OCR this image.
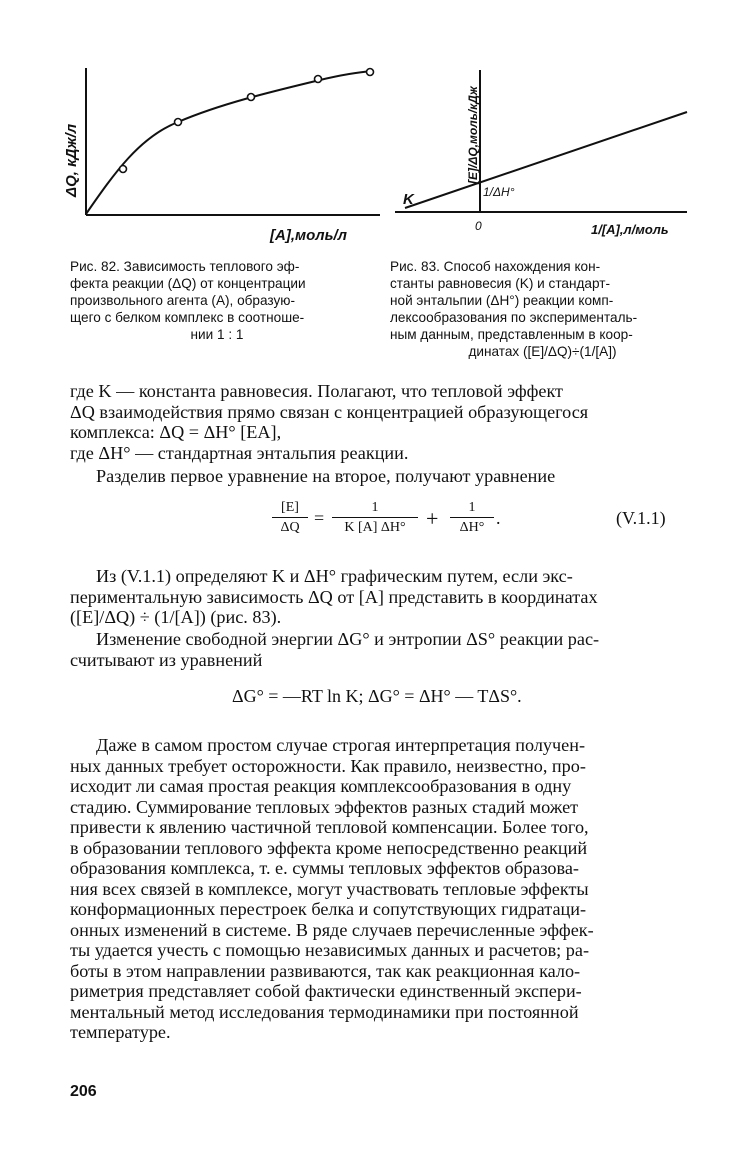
ΔQ, кДж/л
[A],моль/л
Рис. 82. Зависимость теплового эф-
фекта реакции (ΔQ) от концентрации
произвольного агента (A), образую-
щего с белком комплекс в соотноше-
нии 1 : 1
[E]/ΔQ,моль/кДж
K	1/ΔH°
0	1/[A],л/моль
Рис. 83. Способ нахождения кон-
станты равновесия (K) и стандарт-
ной энтальпии (ΔH°) реакции комп-
лексообразования по эксперименталь-
ным данным, представленным в коор-
динатах ([E]/ΔQ)÷(1/[A])
где K — константа равновесия. Полагают, что тепловой эффект
ΔQ взаимодействия прямо связан с концентрацией образующегося
комплекса: ΔQ = ΔH° [EA],
где ΔH° — стандартная энтальпия реакции.
Разделив первое уравнение на второе, получают уравнение
$\frac{[E]}{\Delta Q} = \frac{1}{K [A] \Delta H^\circ} + \frac{1}{\Delta H^\circ}$ .	(V.1.1)
Из (V.1.1) определяют K и ΔH° графическим путем, если экс-
периментальную зависимость ΔQ от [A] представить в координатах
([E]/ΔQ) ÷ (1/[A]) (рис. 83).
Изменение свободной энергии ΔG° и энтропии ΔS° реакции рас-
считывают из уравнений
ΔG° = —RT ln K; ΔG° = ΔH° — TΔS°.
Даже в самом простом случае строгая интерпретация получен-
ных данных требует осторожности. Как правило, неизвестно, про-
исходит ли самая простая реакция комплексообразования в одну
стадию. Суммирование тепловых эффектов разных стадий может
привести к явлению частичной тепловой компенсации. Более того,
в образовании теплового эффекта кроме непосредственно реакций
образования комплекса, т. е. суммы тепловых эффектов образова-
ния всех связей в комплексе, могут участвовать тепловые эффекты
конформационных перестроек белка и сопутствующих гидратаци-
онных изменений в системе. В ряде случаев перечисленные эффек-
ты удается учесть с помощью независимых данных и расчетов; ра-
боты в этом направлении развиваются, так как реакционная кало-
риметрия представляет собой фактически единственный экспери-
ментальный метод исследования термодинамики при постоянной
температуре.
206
